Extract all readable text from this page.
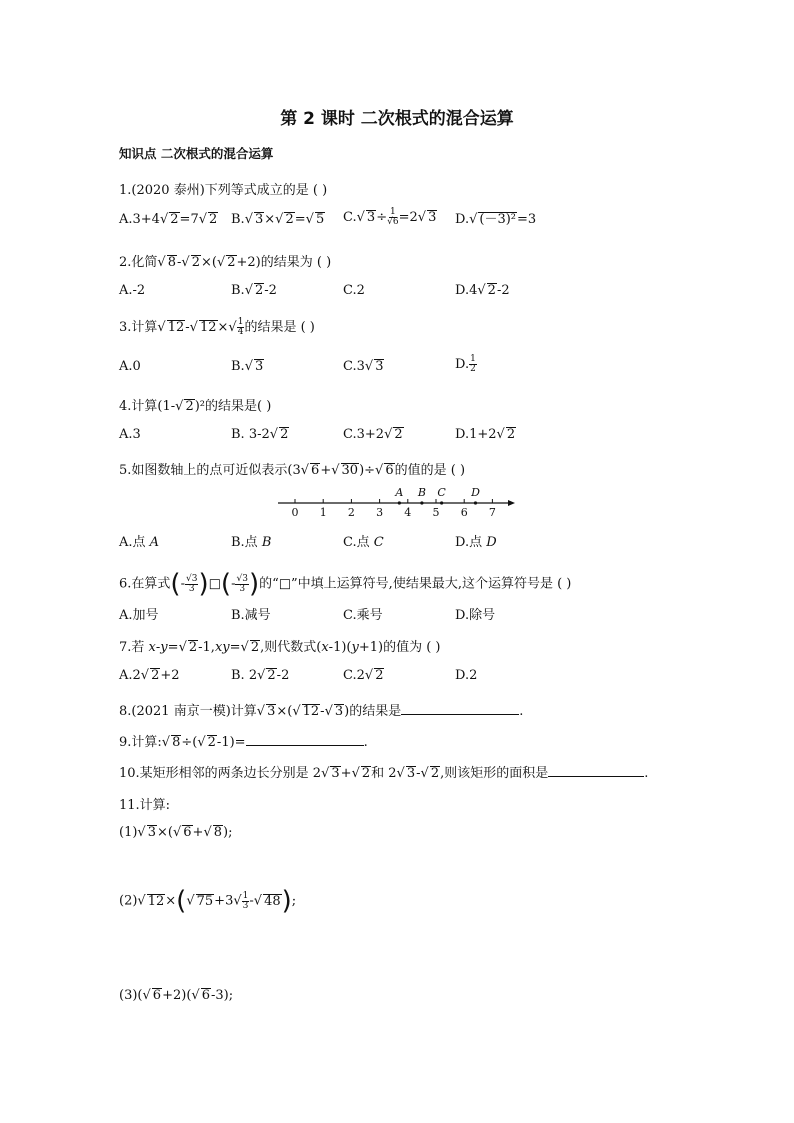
第 2 课时 二次根式的混合运算
知识点 二次根式的混合运算
1.(2020 泰州)下列等式成立的是 ( )
A.3+4√ 2=7√ 2 B.√ 3×√ 2=√ 5 C.√ $3\div \frac{1}{√6} =2√$ 3 D.√ (－3)²=3
2.化简√ 8-√ 2×(√ 2+2)的结果为 ( )
A.-2	B.√ 2-2	C.2	D.4√ 2-2
3.计算√ 12-√ $12\times√ \frac{1}{4}$ 的结果是 ( )
A.0	B.√ 3	C.3√ 3	D. $\frac{1}{2}$
4.计算(1-√ 2)²的结果是( )
A.3	B. 3-2√ 2	C.3+2√ 2	D.1+2√ 2
5.如图数轴上的点可近似表示(3√ 6+√ 30)÷√ 6的值的是 ( )
0 1 2 3 4 5 6 7
A B C D
A.点 A	B.点 B	C.点 C	D.点 D
6.在算式(- $\frac{√3}{3}$ )□(- $\frac{√3}{3}$ )的“□”中填上运算符号,使结果最大,这个运算符号是 ( )
A.加号	B.减号	C.乘号	D.除号
7.若 x-y=√ 2-1,xy=√ 2,则代数式(x-1)(y+1)的值为 ( )
A.2√ 2+2	B. 2√ 2-2	C.2√ 2	D.2
8.(2021 南京一模)计算√ 3×(√ 12-√ 3)的结果是	.
9.计算:√ 8÷(√ 2-1)=	.
10.某矩形相邻的两条边长分别是 2√ 3+√ 2和 2√ 3-√ 2,则该矩形的面积是	.
11.计算:
(1)√ 3×(√ 6+√ 8);
(2)√ 12×(√ $75+3√ \frac{1}{3}$ -√ 48);
(3)(√ 6+2)(√ 6-3);
